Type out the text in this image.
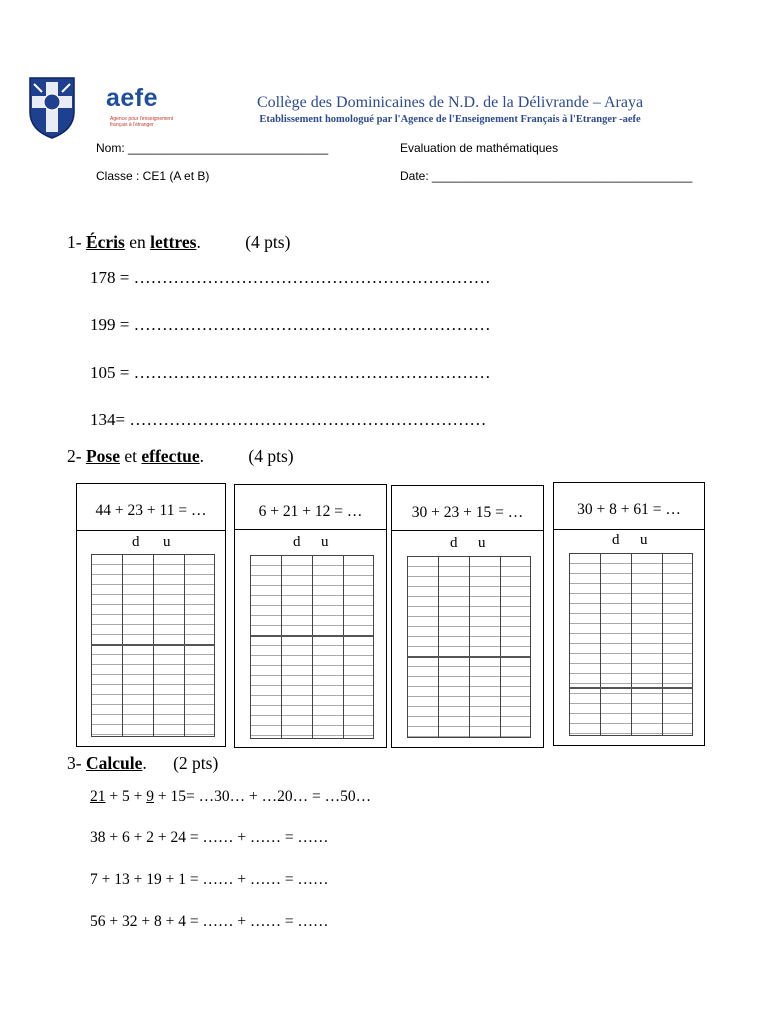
aefe
Agence pour l'enseignement français à l'étranger
Collège des Dominicaines de N.D. de la Délivrande – Araya
Etablissement homologué par l'Agence de l'Enseignement Français à l'Etranger -aefe
Nom: ______________________________	Evaluation de mathématiques
Classe : CE1 (A et B)	Date: _______________________________________
1- Écris en lettres.	(4 pts)
178 = ………………………………………………………
199 = ………………………………………………………
105 = ………………………………………………………
134= ………………………………………………………
2- Pose et effectue.	(4 pts)
44 + 23 + 11 = …
d u
6 + 21 + 12 = …
d u
30 + 23 + 15 = …
d u
30 + 8 + 61 = …
d u
3- Calcule. (2 pts)
21 + 5 + 9 + 15= …30… + …20… = …50…
38 + 6 + 2 + 24 = …… + …… = ……
7 + 13 + 19 + 1 = …… + …… = ……
56 + 32 + 8 + 4 = …… + …… = ……
